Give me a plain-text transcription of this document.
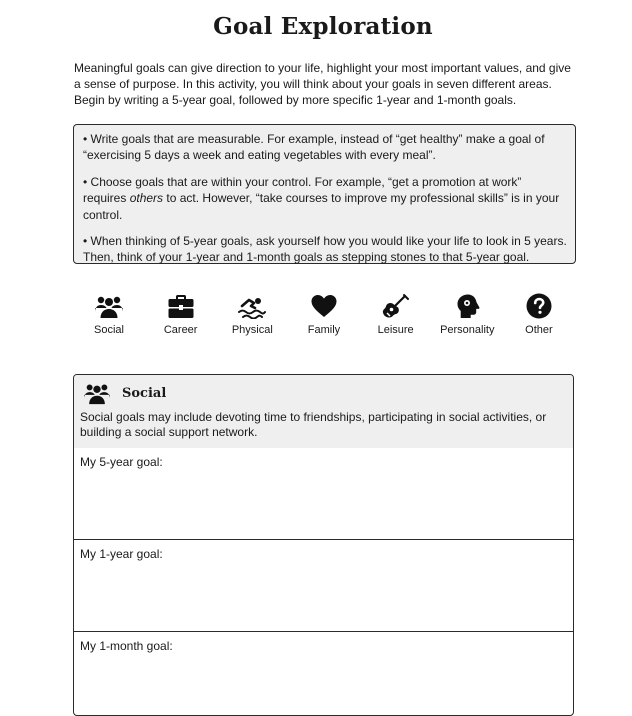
Goal Exploration
Meaningful goals can give direction to your life, highlight your most important values, and give a sense of purpose. In this activity, you will think about your goals in seven different areas. Begin by writing a 5-year goal, followed by more specific 1-year and 1-month goals.

• Write goals that are measurable. For example, instead of “get healthy” make a goal of “exercising 5 days a week and eating vegetables with every meal”.

• Choose goals that are within your control. For example, “get a promotion at work” requires others to act. However, “take courses to improve my professional skills” is in your control.

• When thinking of 5-year goals, ask yourself how you would like your life to look in 5 years. Then, think of your 1-year and 1-month goals as stepping stones to that 5-year goal.

Social	Career	Physical	Family	Leisure Personality	Other
Social
Social goals may include devoting time to friendships, participating in social activities, or building a social support network.
My 5-year goal:
My 1-year goal:
My 1-month goal:
